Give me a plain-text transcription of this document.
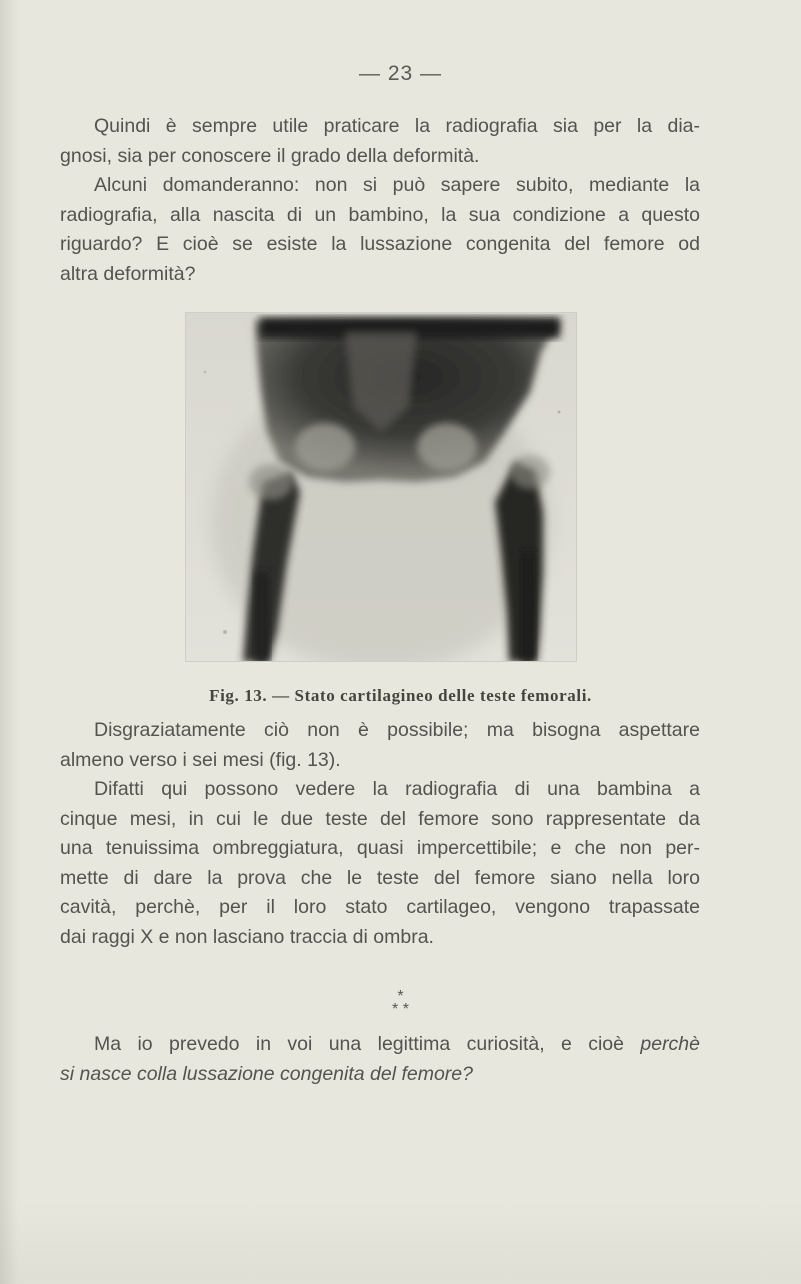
— 23 —
Quindi è sempre utile praticare la radiografia sia per la dia-
gnosi, sia per conoscere il grado della deformità.
Alcuni domanderanno: non si può sapere subito, mediante la
radiografia, alla nascita di un bambino, la sua condizione a questo
riguardo? E cioè se esiste la lussazione congenita del femore od
altra deformità?
Fig. 13. — Stato cartilagineo delle teste femorali.
Disgraziatamente ciò non è possibile; ma bisogna aspettare
almeno verso i sei mesi (fig. 13).
Difatti qui possono vedere la radiografia di una bambina a
cinque mesi, in cui le due teste del femore sono rappresentate da
una tenuissima ombreggiatura, quasi impercettibile; e che non per-
mette di dare la prova che le teste del femore siano nella loro
cavità, perchè, per il loro stato cartilageo, vengono trapassate
dai raggi X e non lasciano traccia di ombra.
*
* *
Ma io prevedo in voi una legittima curiosità, e cioè perchè
si nasce colla lussazione congenita del femore?
